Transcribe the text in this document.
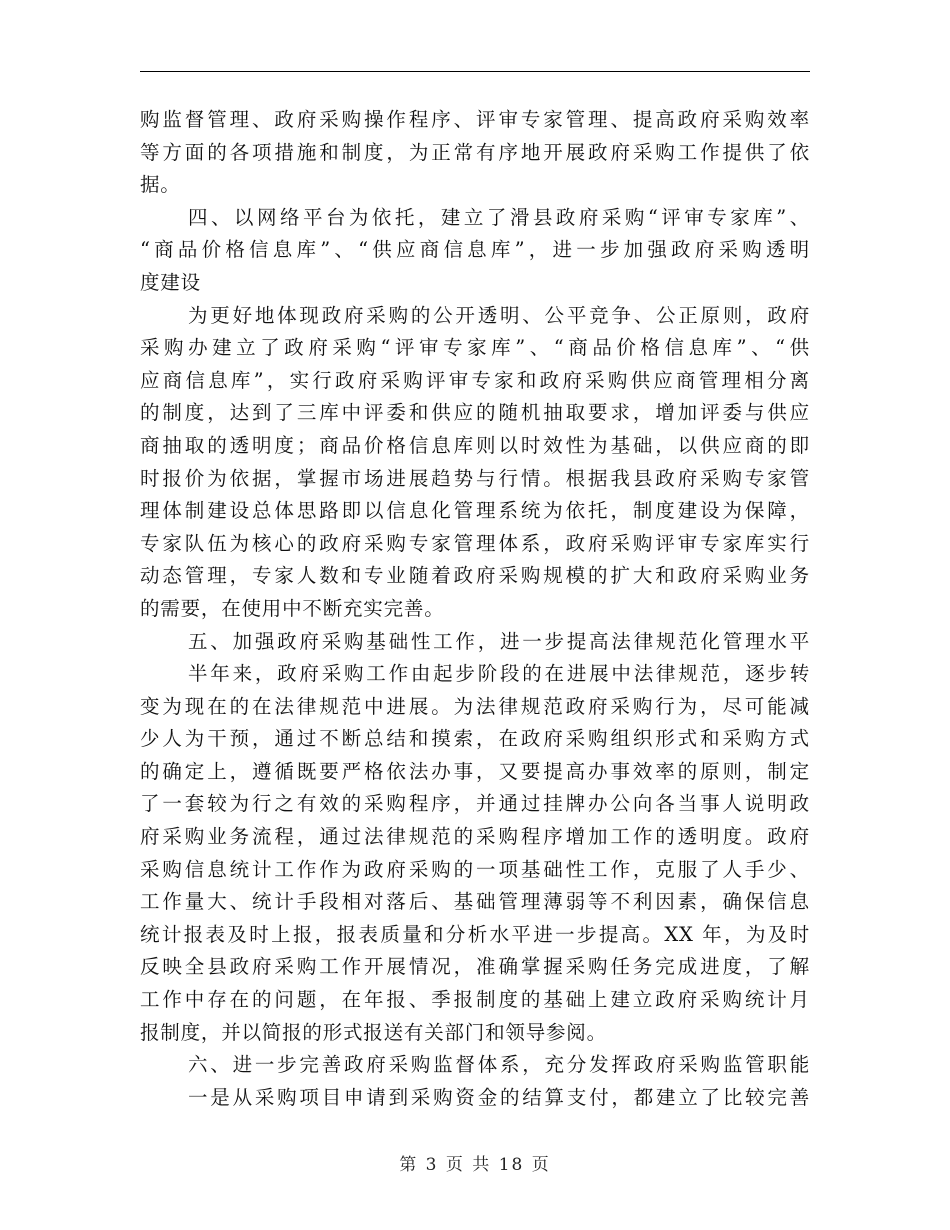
购监督管理、政府采购操作程序、评审专家管理、提高政府采购效率
等方面的各项措施和制度，为正常有序地开展政府采购工作提供了依
据。
四、以网络平台为依托，建立了滑县政府采购“评审专家库”、
“商品价格信息库”、“供应商信息库”，进一步加强政府采购透明
度建设
为更好地体现政府采购的公开透明、公平竞争、公正原则，政府
采购办建立了政府采购“评审专家库”、“商品价格信息库”、“供
应商信息库”，实行政府采购评审专家和政府采购供应商管理相分离
的制度，达到了三库中评委和供应的随机抽取要求，增加评委与供应
商抽取的透明度；商品价格信息库则以时效性为基础，以供应商的即
时报价为依据，掌握市场进展趋势与行情。根据我县政府采购专家管
理体制建设总体思路即以信息化管理系统为依托，制度建设为保障，
专家队伍为核心的政府采购专家管理体系，政府采购评审专家库实行
动态管理，专家人数和专业随着政府采购规模的扩大和政府采购业务
的需要，在使用中不断充实完善。
五、加强政府采购基础性工作，进一步提高法律规范化管理水平
半年来，政府采购工作由起步阶段的在进展中法律规范，逐步转
变为现在的在法律规范中进展。为法律规范政府采购行为，尽可能减
少人为干预，通过不断总结和摸索，在政府采购组织形式和采购方式
的确定上，遵循既要严格依法办事，又要提高办事效率的原则，制定
了一套较为行之有效的采购程序，并通过挂牌办公向各当事人说明政
府采购业务流程，通过法律规范的采购程序增加工作的透明度。政府
采购信息统计工作作为政府采购的一项基础性工作，克服了人手少、
工作量大、统计手段相对落后、基础管理薄弱等不利因素，确保信息
统计报表及时上报，报表质量和分析水平进一步提高。XX 年，为及时
反映全县政府采购工作开展情况，准确掌握采购任务完成进度，了解
工作中存在的问题，在年报、季报制度的基础上建立政府采购统计月
报制度，并以简报的形式报送有关部门和领导参阅。
六、进一步完善政府采购监督体系，充分发挥政府采购监管职能
一是从采购项目申请到采购资金的结算支付，都建立了比较完善
第 3 页 共 18 页
